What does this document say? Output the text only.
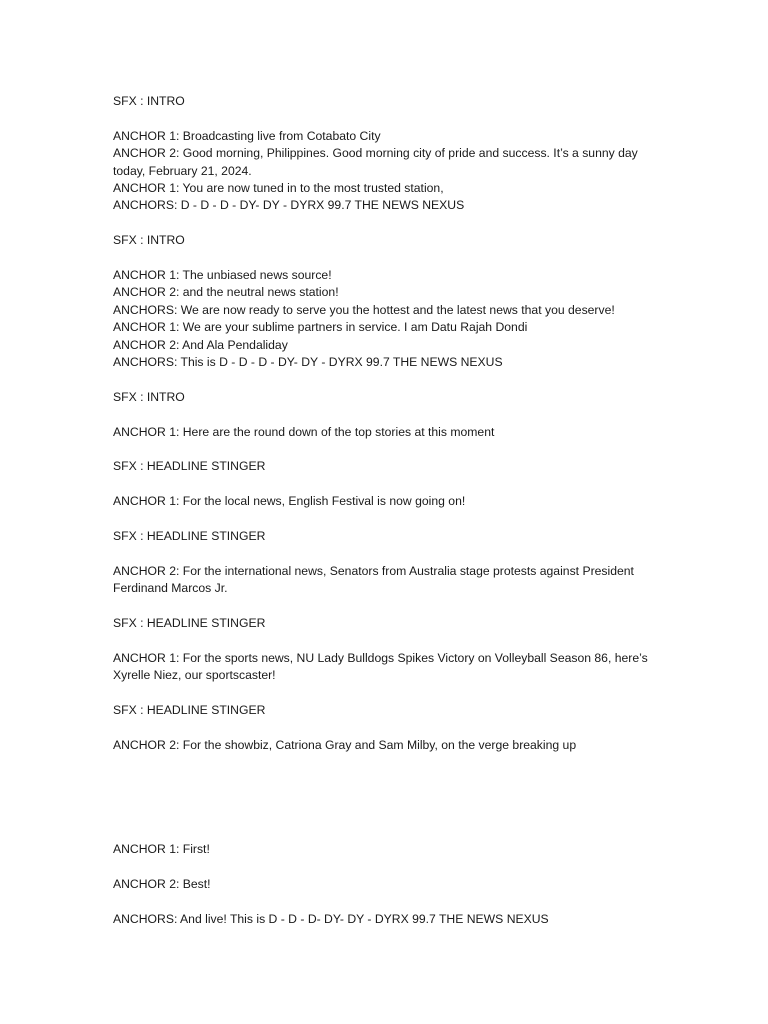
SFX : INTRO
ANCHOR 1: Broadcasting live from Cotabato City
ANCHOR 2: Good morning, Philippines. Good morning city of pride and success. It’s a sunny day today, February 21, 2024.
ANCHOR 1: You are now tuned in to the most trusted station,
ANCHORS: D - D - D - DY- DY - DYRX 99.7 THE NEWS NEXUS
SFX : INTRO
ANCHOR 1: The unbiased news source!
ANCHOR 2: and the neutral news station!
ANCHORS: We are now ready to serve you the hottest and the latest news that you deserve!
ANCHOR 1: We are your sublime partners in service. I am Datu Rajah Dondi
ANCHOR 2: And Ala Pendaliday
ANCHORS: This is D - D - D - DY- DY - DYRX 99.7 THE NEWS NEXUS
SFX : INTRO
ANCHOR 1: Here are the round down of the top stories at this moment
SFX : HEADLINE STINGER
ANCHOR 1: For the local news, English Festival is now going on!
SFX : HEADLINE STINGER
ANCHOR 2: For the international news, Senators from Australia stage protests against President Ferdinand Marcos Jr.
SFX : HEADLINE STINGER
ANCHOR 1: For the sports news, NU Lady Bulldogs Spikes Victory on Volleyball Season 86, here’s Xyrelle Niez, our sportscaster!
SFX : HEADLINE STINGER
ANCHOR 2: For the showbiz, Catriona Gray and Sam Milby, on the verge breaking up
ANCHOR 1: First!
ANCHOR 2: Best!
ANCHORS: And live! This is D - D - D- DY- DY - DYRX 99.7 THE NEWS NEXUS
